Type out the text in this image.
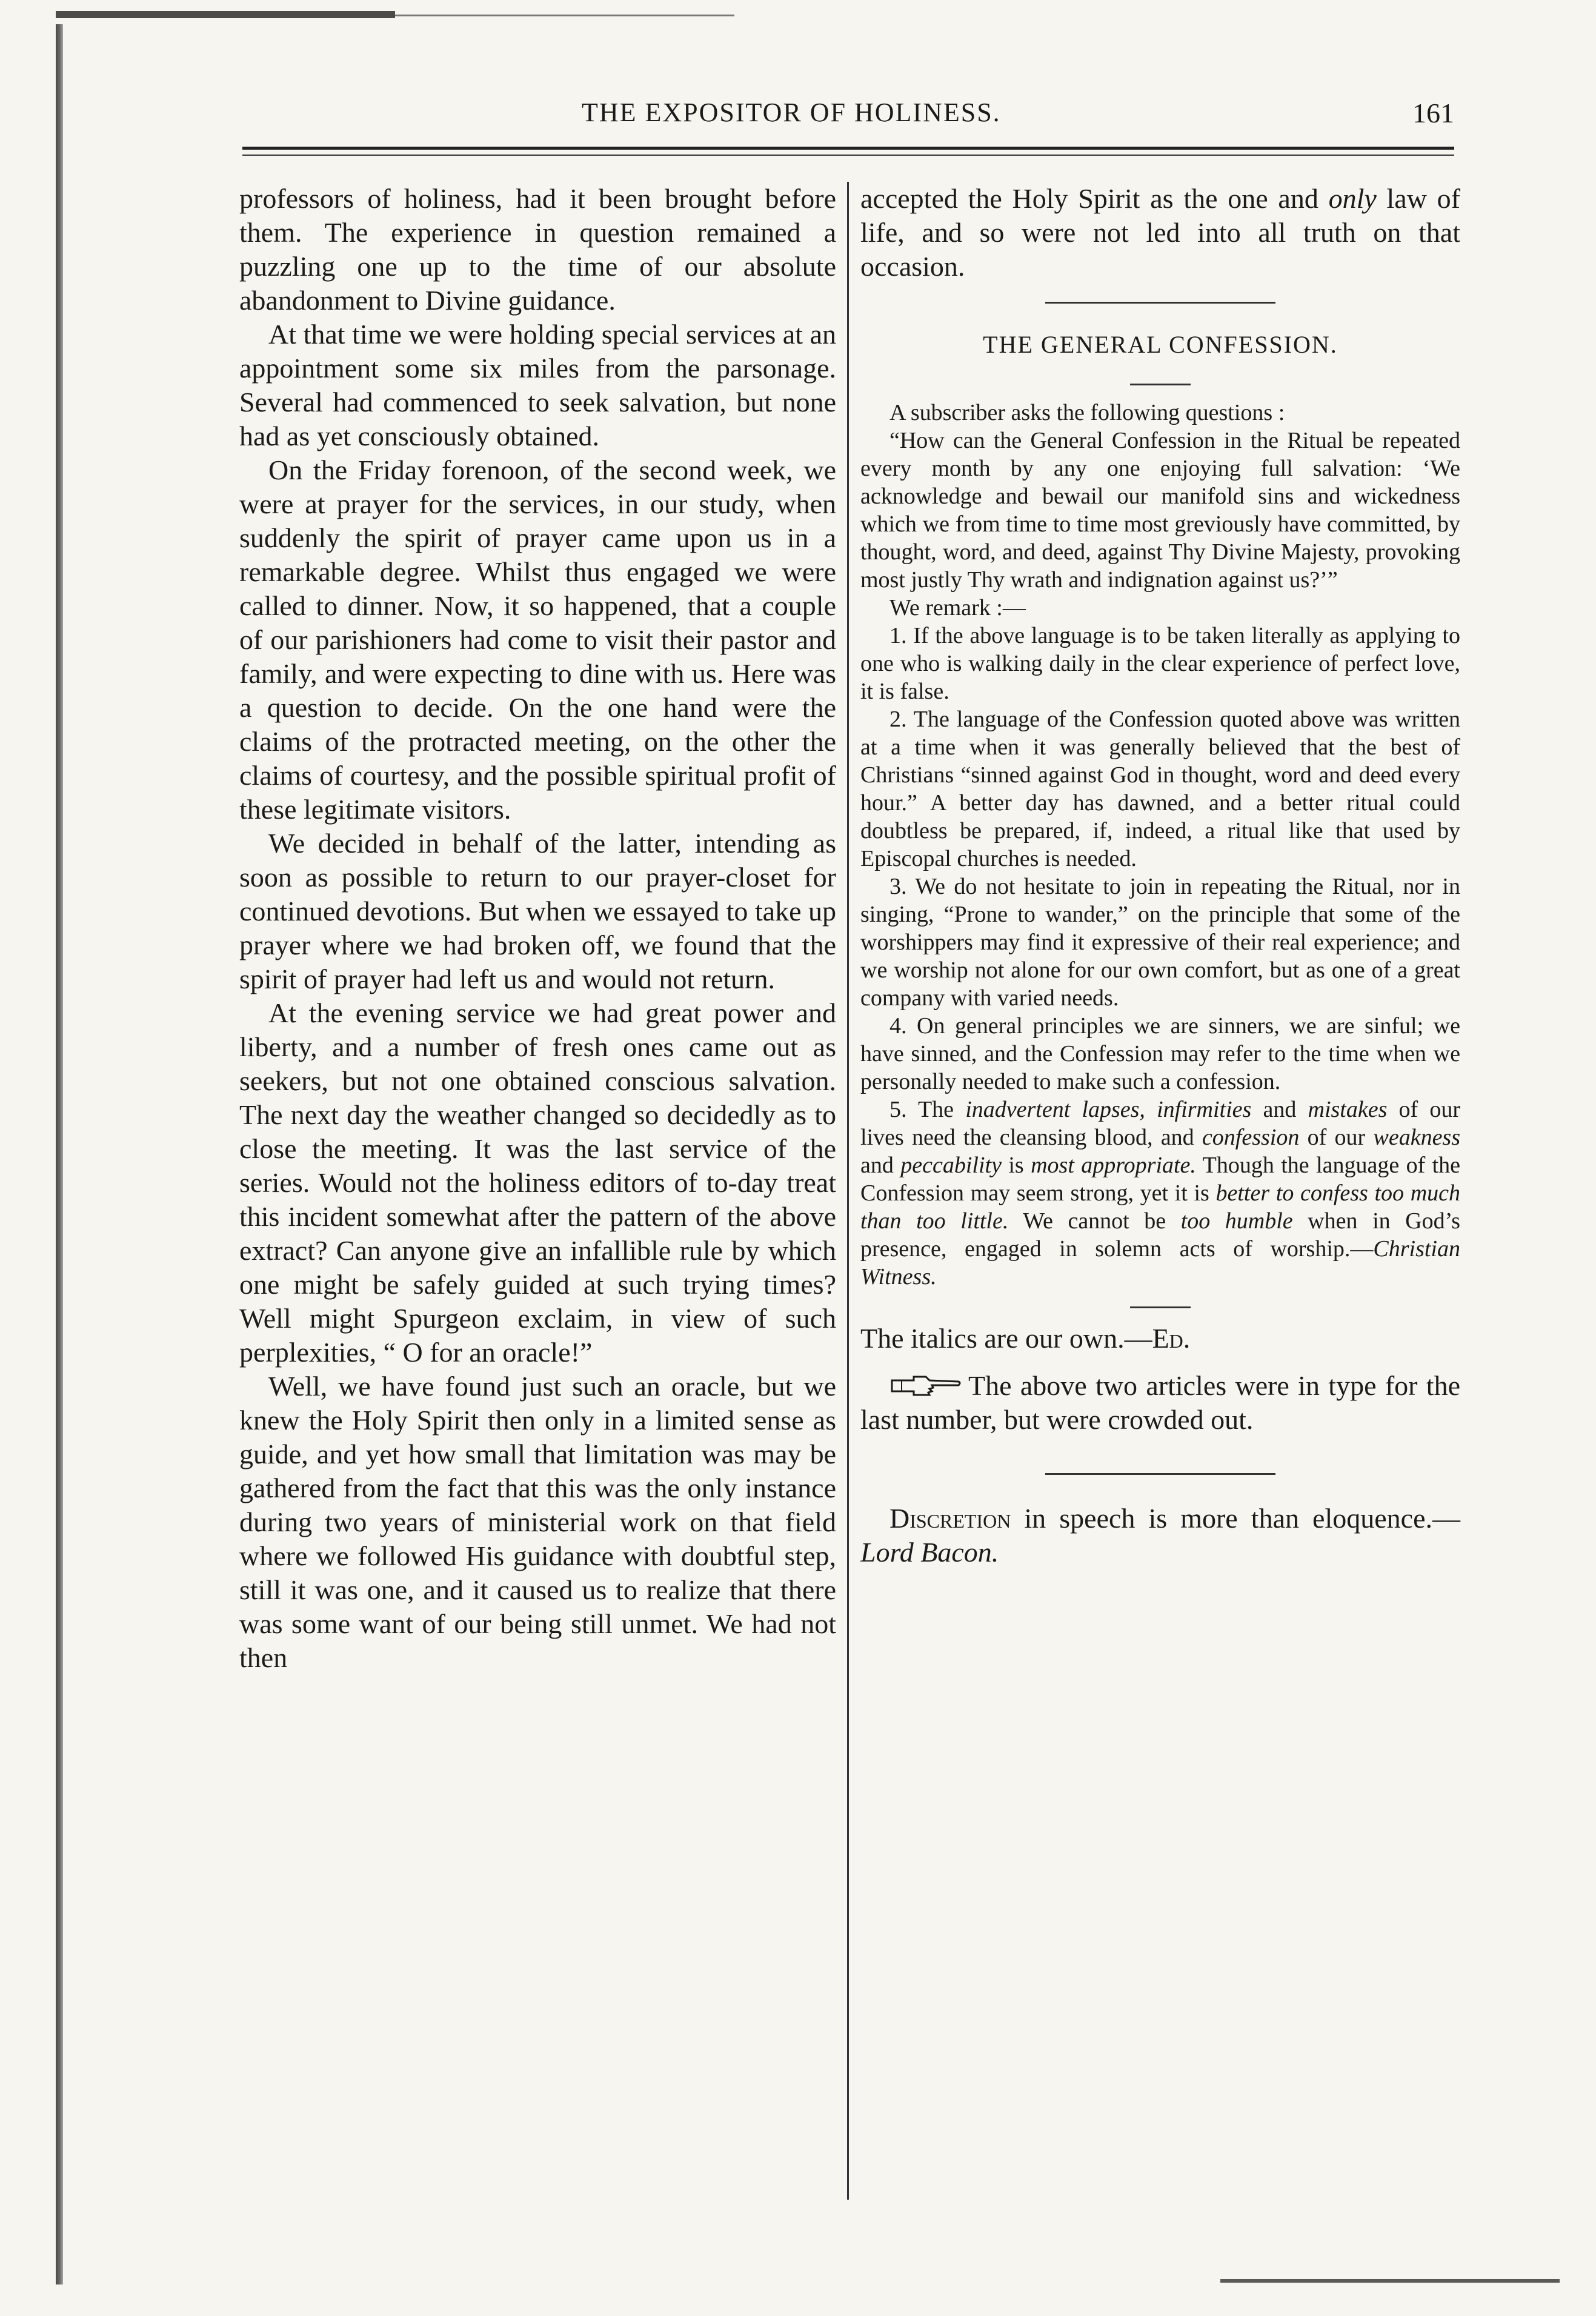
THE EXPOSITOR OF HOLINESS.	161

professors of holiness, had it been brought before them. The experience in question remained a puzzling one up to the time of our absolute abandonment to Divine guidance.

At that time we were holding special services at an appointment some six miles from the parsonage. Several had commenced to seek salvation, but none had as yet consciously obtained.

On the Friday forenoon, of the second week, we were at prayer for the services, in our study, when suddenly the spirit of prayer came upon us in a remarkable degree. Whilst thus engaged we were called to dinner. Now, it so happened, that a couple of our parishioners had come to visit their pastor and family, and were expecting to dine with us. Here was a question to decide. On the one hand were the claims of the protracted meeting, on the other the claims of courtesy, and the possible spiritual profit of these legitimate visitors.

We decided in behalf of the latter, intending as soon as possible to return to our prayer-closet for continued devotions. But when we essayed to take up prayer where we had broken off, we found that the spirit of prayer had left us and would not return.

At the evening service we had great power and liberty, and a number of fresh ones came out as seekers, but not one obtained conscious salvation. The next day the weather changed so decidedly as to close the meeting. It was the last service of the series. Would not the holiness editors of to-day treat this incident somewhat after the pattern of the above extract? Can anyone give an infallible rule by which one might be safely guided at such trying times? Well might Spurgeon exclaim, in view of such perplexities, “ O for an oracle!”

Well, we have found just such an oracle, but we knew the Holy Spirit then only in a limited sense as guide, and yet how small that limitation was may be gathered from the fact that this was the only instance during two years of ministerial work on that field where we followed His guidance with doubtful step, still it was one, and it caused us to realize that there was some want of our being still unmet. We had not then

accepted the Holy Spirit as the one and only law of life, and so were not led into all truth on that occasion.

THE GENERAL CONFESSION.

A subscriber asks the following questions :

“How can the General Confession in the Ritual be repeated every month by any one enjoying full salvation: ‘We acknowledge and bewail our manifold sins and wickedness which we from time to time most greviously have committed, by thought, word, and deed, against Thy Divine Majesty, provoking most justly Thy wrath and indignation against us?’”

We remark :—

1. If the above language is to be taken literally as applying to one who is walking daily in the clear experience of perfect love, it is false.

2. The language of the Confession quoted above was written at a time when it was generally believed that the best of Christians “sinned against God in thought, word and deed every hour.” A better day has dawned, and a better ritual could doubtless be prepared, if, indeed, a ritual like that used by Episcopal churches is needed.

3. We do not hesitate to join in repeating the Ritual, nor in singing, “Prone to wander,” on the principle that some of the worshippers may find it expressive of their real experience; and we worship not alone for our own comfort, but as one of a great company with varied needs.

4. On general principles we are sinners, we are sinful; we have sinned, and the Confession may refer to the time when we personally needed to make such a confession.

5. The inadvertent lapses, infirmities and mistakes of our lives need the cleansing blood, and confession of our weakness and peccability is most appropriate. Though the language of the Confession may seem strong, yet it is better to confess too much than too little. We cannot be too humble when in God’s presence, engaged in solemn acts of worship.—Christian Witness.

The italics are our own.—Ed.

The above two articles were in type for the last number, but were crowded out.

Discretion in speech is more than eloquence.—Lord Bacon.
